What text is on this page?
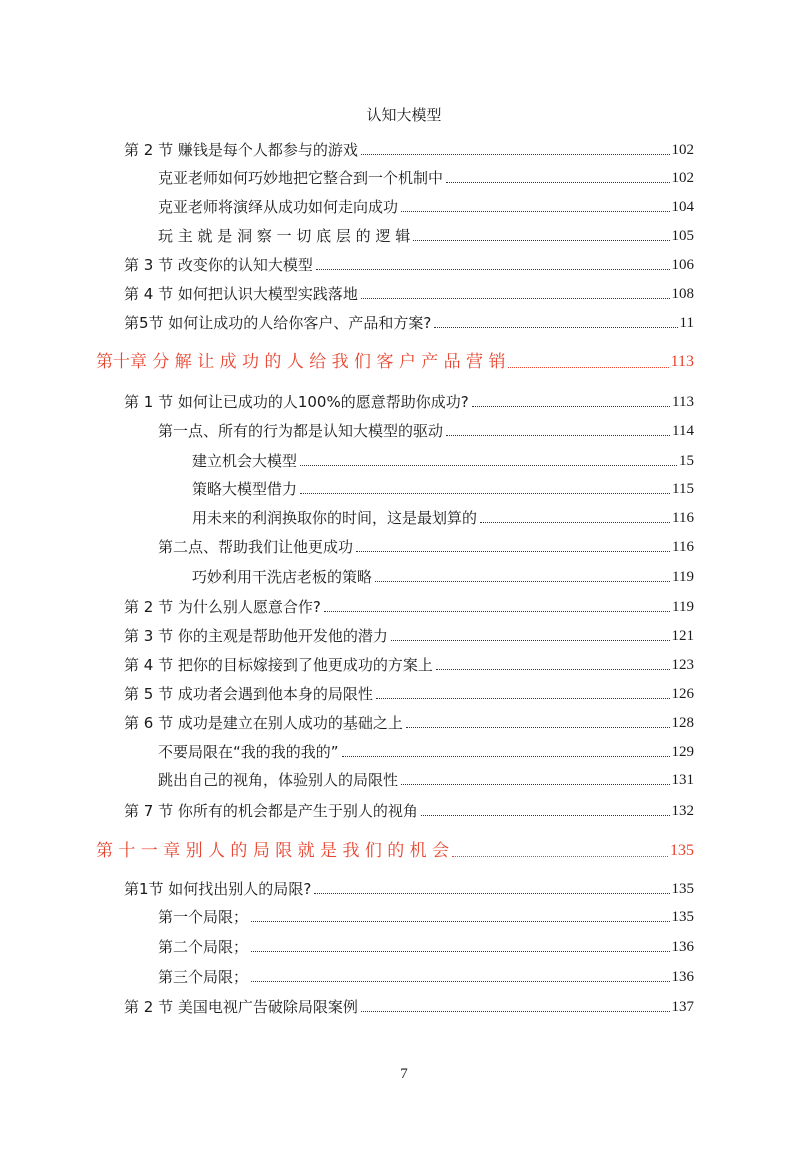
认知大模型
第 2 节 赚钱是每个人都参与的游戏	102
克亚老师如何巧妙地把它整合到一个机制中	102
克亚老师将演绎从成功如何走向成功	104
玩 主 就 是 洞 察 一 切 底 层 的 逻 辑	105
第 3 节 改变你的认知大模型	106
第 4 节 如何把认识大模型实践落地	108
第5节 如何让成功的人给你客户、产品和方案?	11
第十章 分 解 让 成 功 的 人 给 我 们 客 户 产 品 营 销	113
第 1 节 如何让已成功的人100%的愿意帮助你成功?	113
第一点、所有的行为都是认知大模型的驱动	114
建立机会大模型	15
策略大模型借力	115
用未来的利润换取你的时间，这是最划算的	116
第二点、帮助我们让他更成功	116
巧妙利用干洗店老板的策略	119
第 2 节 为什么别人愿意合作?	119
第 3 节 你的主观是帮助他开发他的潜力	121
第 4 节 把你的目标嫁接到了他更成功的方案上	123
第 5 节 成功者会遇到他本身的局限性	126
第 6 节 成功是建立在别人成功的基础之上	128
不要局限在“我的我的我的”	129
跳出自己的视角，体验别人的局限性	131
第 7 节 你所有的机会都是产生于别人的视角	132
第 十 一 章 别 人 的 局 限 就 是 我 们 的 机 会	135
第1节 如何找出别人的局限?	135
第一个局限；	135
第二个局限；	136
第三个局限；	136
第 2 节 美国电视广告破除局限案例	137
7
